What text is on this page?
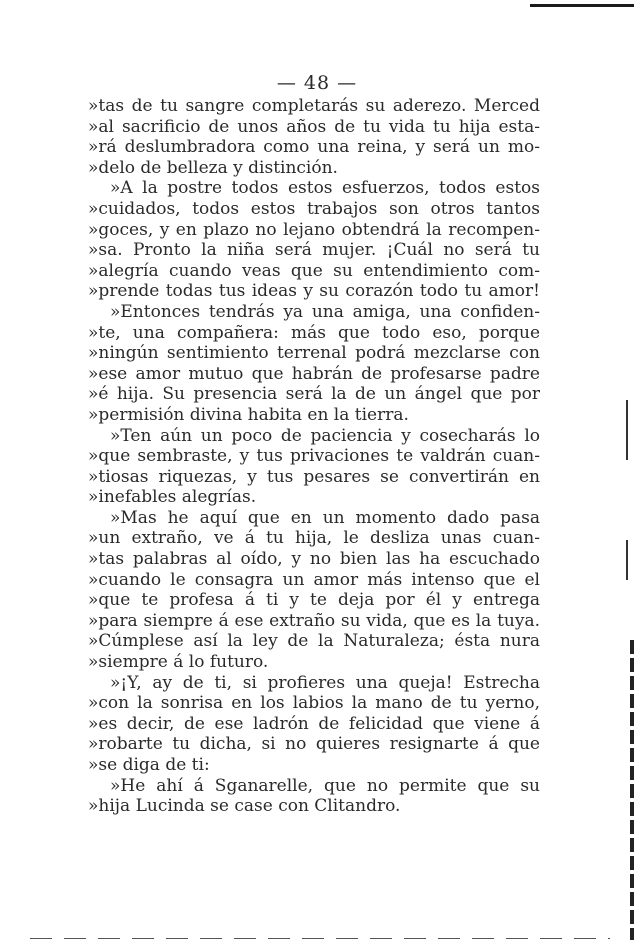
— 48 —
»tas de tu sangre completarás su aderezo. Merced
»al sacrificio de unos años de tu vida tu hija esta-
»rá deslumbradora como una reina, y será un mo-
»delo de belleza y distinción.
»A la postre todos estos esfuerzos, todos estos
»cuidados, todos estos trabajos son otros tantos
»goces, y en plazo no lejano obtendrá la recompen-
»sa. Pronto la niña será mujer. ¡Cuál no será tu
»alegría cuando veas que su entendimiento com-
»prende todas tus ideas y su corazón todo tu amor!
»Entonces tendrás ya una amiga, una confiden-
»te, una compañera: más que todo eso, porque
»ningún sentimiento terrenal podrá mezclarse con
»ese amor mutuo que habrán de profesarse padre
»é hija. Su presencia será la de un ángel que por
»permisión divina habita en la tierra.
»Ten aún un poco de paciencia y cosecharás lo
»que sembraste, y tus privaciones te valdrán cuan-
»tiosas riquezas, y tus pesares se convertirán en
»inefables alegrías.
»Mas he aquí que en un momento dado pasa
»un extraño, ve á tu hija, le desliza unas cuan-
»tas palabras al oído, y no bien las ha escuchado
»cuando le consagra un amor más intenso que el
»que te profesa á ti y te deja por él y entrega
»para siempre á ese extraño su vida, que es la tuya.
»Cúmplese así la ley de la Naturaleza; ésta nura
»siempre á lo futuro.
»¡Y, ay de ti, si profieres una queja! Estrecha
»con la sonrisa en los labios la mano de tu yerno,
»es decir, de ese ladrón de felicidad que viene á
»robarte tu dicha, si no quieres resignarte á que
»se diga de ti:
»He ahí á Sganarelle, que no permite que su
»hija Lucinda se case con Clitandro.
